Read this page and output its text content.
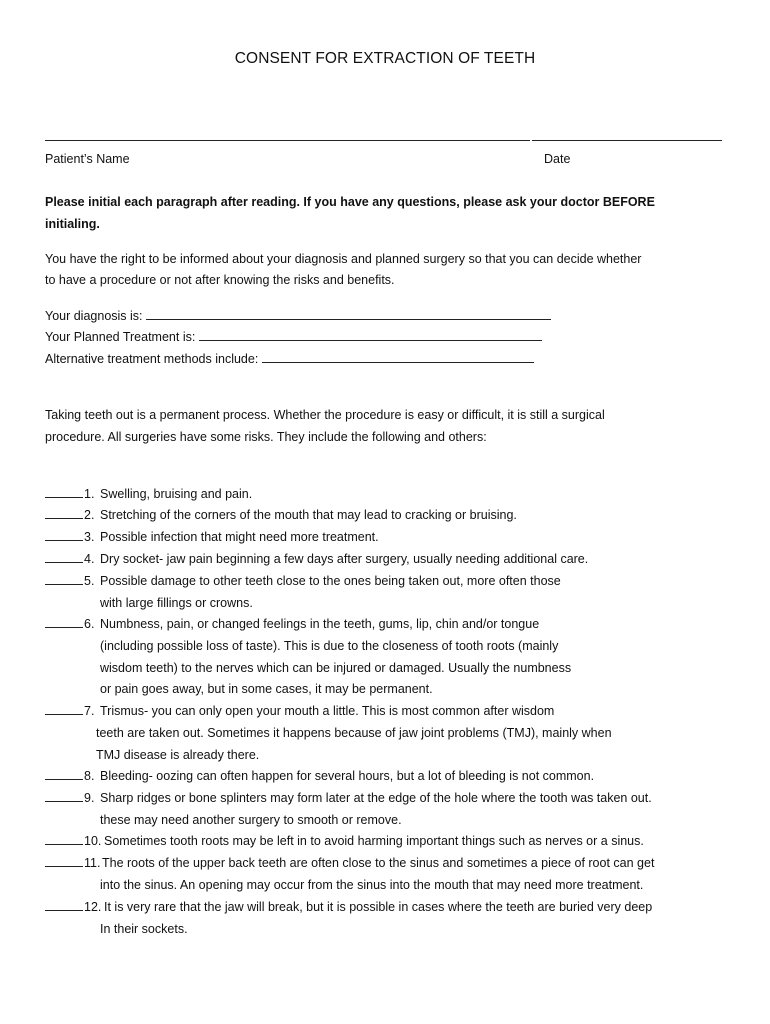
CONSENT FOR EXTRACTION OF TEETH
Patient’s Name	Date
Please initial each paragraph after reading. If you have any questions, please ask your doctor BEFORE
initialing.
You have the right to be informed about your diagnosis and planned surgery so that you can decide whether
to have a procedure or not after knowing the risks and benefits.
Your diagnosis is:
Your Planned Treatment is:
Alternative treatment methods include:
Taking teeth out is a permanent process. Whether the procedure is easy or difficult, it is still a surgical
procedure. All surgeries have some risks. They include the following and others:
1. Swelling, bruising and pain.
2. Stretching of the corners of the mouth that may lead to cracking or bruising.
3. Possible infection that might need more treatment.
4. Dry socket- jaw pain beginning a few days after surgery, usually needing additional care.
5. Possible damage to other teeth close to the ones being taken out, more often those
with large fillings or crowns.
6. Numbness, pain, or changed feelings in the teeth, gums, lip, chin and/or tongue
(including possible loss of taste). This is due to the closeness of tooth roots (mainly
wisdom teeth) to the nerves which can be injured or damaged. Usually the numbness
or pain goes away, but in some cases, it may be permanent.
7. Trismus- you can only open your mouth a little. This is most common after wisdom
teeth are taken out. Sometimes it happens because of jaw joint problems (TMJ), mainly when
TMJ disease is already there.
8. Bleeding- oozing can often happen for several hours, but a lot of bleeding is not common.
9. Sharp ridges or bone splinters may form later at the edge of the hole where the tooth was taken out.
these may need another surgery to smooth or remove.
10. Sometimes tooth roots may be left in to avoid harming important things such as nerves or a sinus.
11. The roots of the upper back teeth are often close to the sinus and sometimes a piece of root can get
into the sinus. An opening may occur from the sinus into the mouth that may need more treatment.
12. It is very rare that the jaw will break, but it is possible in cases where the teeth are buried very deep
In their sockets.
